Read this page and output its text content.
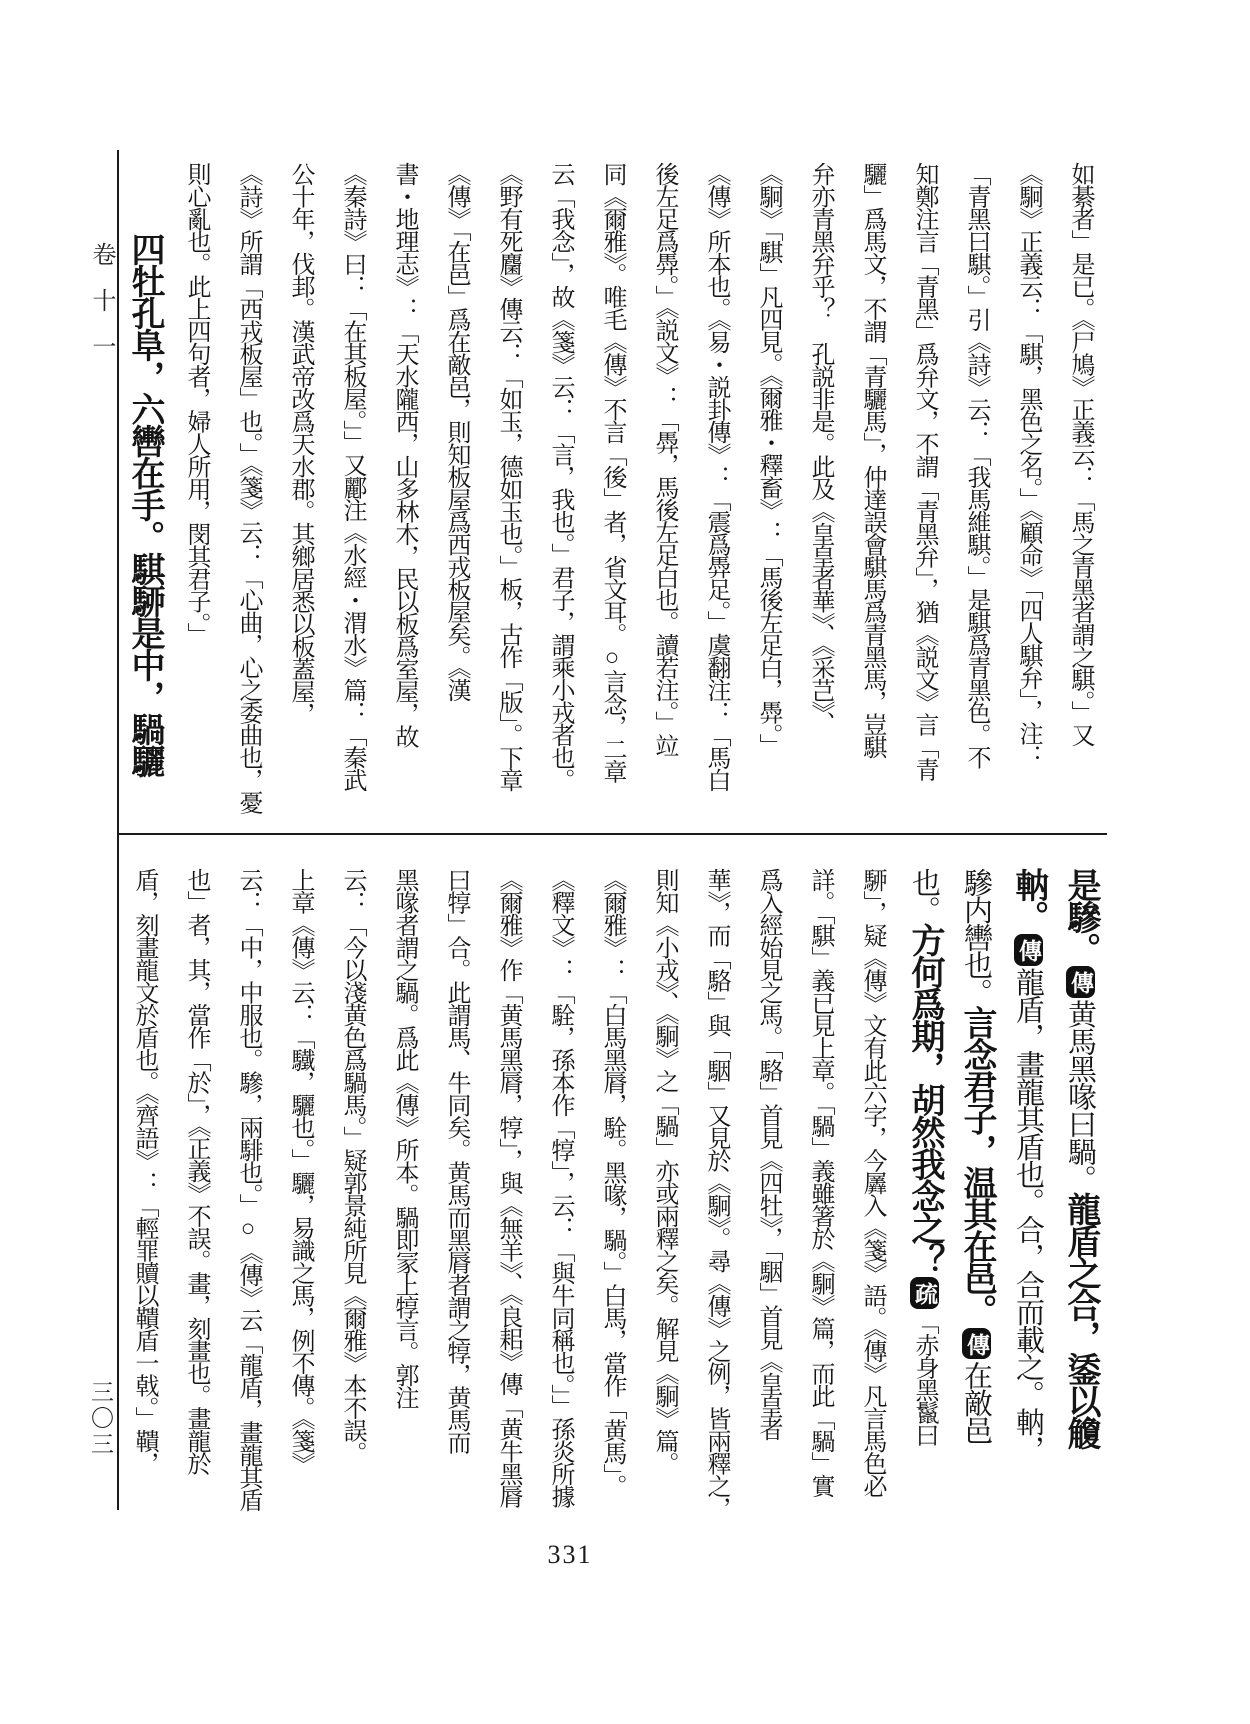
卷十一
三〇三
如綦者」是已。《尸鳩》正義云：「馬之青黑者謂之騏。」又
《駉》正義云：「騏，黑色之名。」《顧命》「四人騏弁」，注：
「青黑曰騏。」引《詩》云：「我馬維騏。」是騏爲青黑色。不
知鄭注言「青黑」爲弁文，不謂「青黑弁」，猶《説文》言「青
驪」爲馬文，不謂「青驪馬」，仲達誤會騏馬爲青黑馬，豈騏
弁亦青黑弁乎？　孔説非是。此及《皇皇者華》、《采芑》、
《駉》「騏」凡四見。《爾雅・釋畜》：「馬後左足白，馵。」
《傳》所本也。《易・説卦傳》：「震爲馵足。」虞翻注：「馬白
後左足爲馵。」《説文》：「馵，馬後左足白也。讀若注。」竝
同《爾雅》。唯毛《傳》不言「後」者，省文耳。○言念，二章
云「我念」，故《箋》云：「言，我也。」君子，謂乘小戎者也。
《野有死麕》傳云：「如玉，德如玉也。」板，古作「版」。下章
《傳》「在邑」爲在敵邑，則知板屋爲西戎板屋矣。《漢
書・地理志》：「天水隴西，山多林木，民以板爲室屋，故
《秦詩》曰：「在其板屋。」」又酈注《水經・渭水》篇：「秦武
公十年，伐邽。漢武帝改爲天水郡。其鄉居悉以板蓋屋，
《詩》所謂「西戎板屋」也。」《箋》云：「心曲，心之委曲也，憂
則心亂也。此上四句者，婦人所用，閔其君子。」
四牡孔阜，六轡在手。騏駵是中，騧驪
是驂。傳黄馬黑喙曰騧。龍盾之合，鋈以觼
軜。傳龍盾，畫龍其盾也。合，合而載之。軜，
驂内轡也。言念君子，温其在邑。傳在敵邑
也。方何爲期，胡然我念之？疏「赤身黑鬣曰
駵」，疑《傳》文有此六字，今羼入《箋》語。《傳》凡言馬色必
詳。「騏」義已見上章。「騧」義雖箸於《駉》篇，而此「騧」實
爲入經始見之馬。「駱」首見《四牡》，「駰」首見《皇皇者
華》，而「駱」與「駰」又見於《駉》。尋《傳》之例，皆兩釋之，
則知《小戎》、《駉》之「騧」亦或兩釋之矣。解見《駉》篇。
《爾雅》：「白馬黑脣，駩。黑喙，騧。」白馬，當作「黄馬」。
《釋文》：「駩，孫本作「犉」，云：「與牛同稱也。」」孫炎所據
《爾雅》作「黄馬黑脣，犉」，與《無羊》、《良耜》傳「黄牛黑脣
曰犉」合。此謂馬、牛同矣。黄馬而黑脣者謂之犉，黄馬而
黑喙者謂之騧。爲此《傳》所本。騧即冡上犉言。郭注
云：「今以淺黄色爲騧馬。」疑郭景純所見《爾雅》本不誤。
上章《傳》云：「驖，驪也。」驪，易識之馬，例不傳。《箋》
云：「中，中服也。驂，兩騑也。」○《傳》云「龍盾，畫龍其盾
也」者，其，當作「於」，《正義》不誤。畫，刻畫也。畫龍於
盾，刻畫龍文於盾也。《齊語》：「輕罪贖以鞼盾一戟。」鞼，
331
